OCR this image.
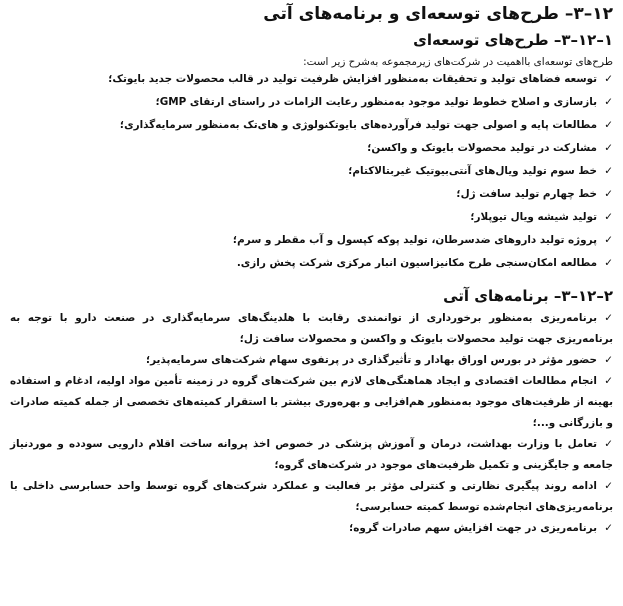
۱۲–۳– طرح‌های توسعه‌ای و برنامه‌های آتی
۱–۱۲–۳– طرح‌های توسعه‌ای
طرح‌های توسعه‌ای بااهمیت در شرکت‌های زیرمجموعه به‌شرح زیر است:
✓
توسعه فضاهای تولید و تحقیقات به‌منظور افزایش ظرفیت تولید در قالب محصولات جدید بایوتک؛
✓
بازسازی و اصلاح خطوط تولید موجود به‌منظور رعایت الزامات در راستای ارتقای GMP؛
✓
مطالعات پایه و اصولی جهت تولید فرآورده‌های بایوتکنولوژی و های‌تک به‌منظور سرمایه‌گذاری؛
✓
مشارکت در تولید محصولات بایوتک و واکسن؛
✓
خط سوم تولید ویال‌های آنتی‌بیوتیک غیربتالاکتام؛
✓
خط چهارم تولید سافت ژل؛
✓
تولید شیشه ویال تیوپلار؛
✓
پروژه تولید داروهای ضدسرطان، تولید پوکه کپسول و آب مقطر و سرم؛
✓
مطالعه امکان‌سنجی طرح مکانیزاسیون انبار مرکزی شرکت پخش رازی.
۲–۱۲–۳– برنامه‌های آتی
✓برنامه‌ریزی به‌منظور برخورداری از توانمندی رقابت با هلدینگ‌های سرمایه‌گذاری در صنعت دارو با توجه به برنامه‌ریزی جهت تولید محصولات بایوتک و واکسن و محصولات سافت ژل؛
✓حضور مؤثر در بورس اوراق بهادار و تأثیرگذاری در پرتفوی سهام شرکت‌های سرمایه‌پذیر؛
✓انجام مطالعات اقتصادی و ایجاد هماهنگی‌های لازم بین شرکت‌های گروه در زمینه تأمین مواد اولیه، ادغام و استفاده بهینه از ظرفیت‌های موجود به‌منظور هم‌افزایی و بهره‌وری بیشتر با استقرار کمیته‌های تخصصی از جمله کمیته صادرات و بازرگانی و...؛
✓تعامل با وزارت بهداشت، درمان و آموزش پزشکی در خصوص اخذ پروانه ساخت اقلام دارویی سودده و موردنیاز جامعه و جایگزینی و تکمیل ظرفیت‌های موجود در شرکت‌های گروه؛
✓ادامه روند پیگیری نظارتی و کنترلی مؤثر بر فعالیت و عملکرد شرکت‌های گروه توسط واحد حسابرسی داخلی با برنامه‌ریزی‌های انجام‌شده توسط کمیته حسابرسی؛
✓برنامه‌ریزی در جهت افزایش سهم صادرات گروه؛
